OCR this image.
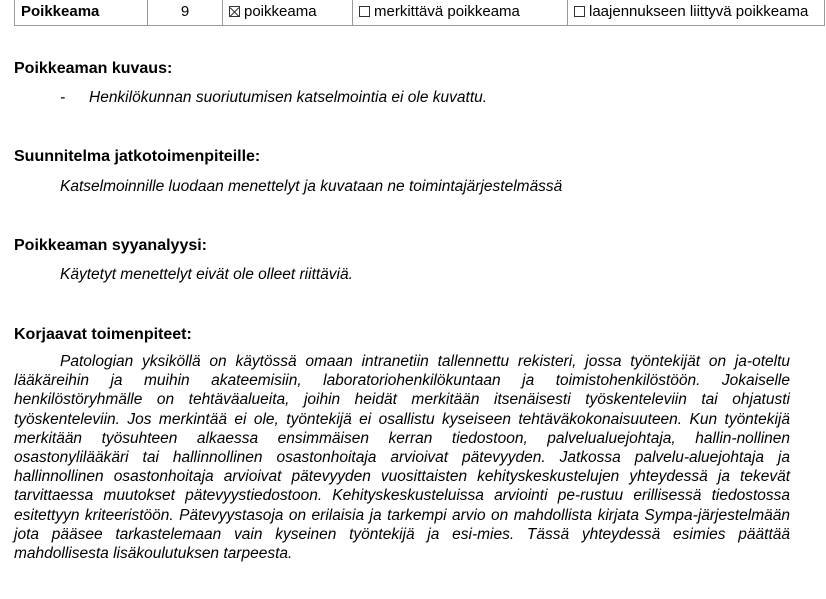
Poikkeama	9	poikkeama	merkittävä poikkeama	laajennukseen liittyvä poikkeama

Poikkeaman kuvaus:

- Henkilökunnan suoriutumisen katselmointia ei ole kuvattu.

Suunnitelma jatkotoimenpiteille:

Katselmoinnille luodaan menettelyt ja kuvataan ne toimintajärjestelmässä

Poikkeaman syyanalyysi:

Käytetyt menettelyt eivät ole olleet riittäviä.

Korjaavat toimenpiteet:

Patologian yksiköllä on käytössä omaan intranetiin tallennettu rekisteri, jossa työntekijät on ja-oteltu lääkäreihin ja muihin akateemisiin, laboratoriohenkilökuntaan ja toimistohenkilöstöön. Jokaiselle henkilöstöryhmälle on tehtäväalueita, joihin heidät merkitään itsenäisesti työskenteleviin tai ohjatusti työskenteleviin. Jos merkintää ei ole, työntekijä ei osallistu kyseiseen tehtäväkokonaisuuteen. Kun työntekijä merkitään työsuhteen alkaessa ensimmäisen kerran tiedostoon, palvelualuejohtaja, hallin-nollinen osastonylilääkäri tai hallinnollinen osastonhoitaja arvioivat pätevyyden. Jatkossa palvelu-aluejohtaja ja hallinnollinen osastonhoitaja arvioivat pätevyyden vuosittaisten kehityskeskustelujen yhteydessä ja tekevät tarvittaessa muutokset pätevyystiedostoon. Kehityskeskusteluissa arviointi pe-rustuu erillisessä tiedostossa esitettyyn kriteeristöön. Pätevyystasoja on erilaisia ja tarkempi arvio on mahdollista kirjata Sympa-järjestelmään jota pääsee tarkastelemaan vain kyseinen työntekijä ja esi-mies. Tässä yhteydessä esimies päättää mahdollisesta lisäkoulutuksen tarpeesta.
